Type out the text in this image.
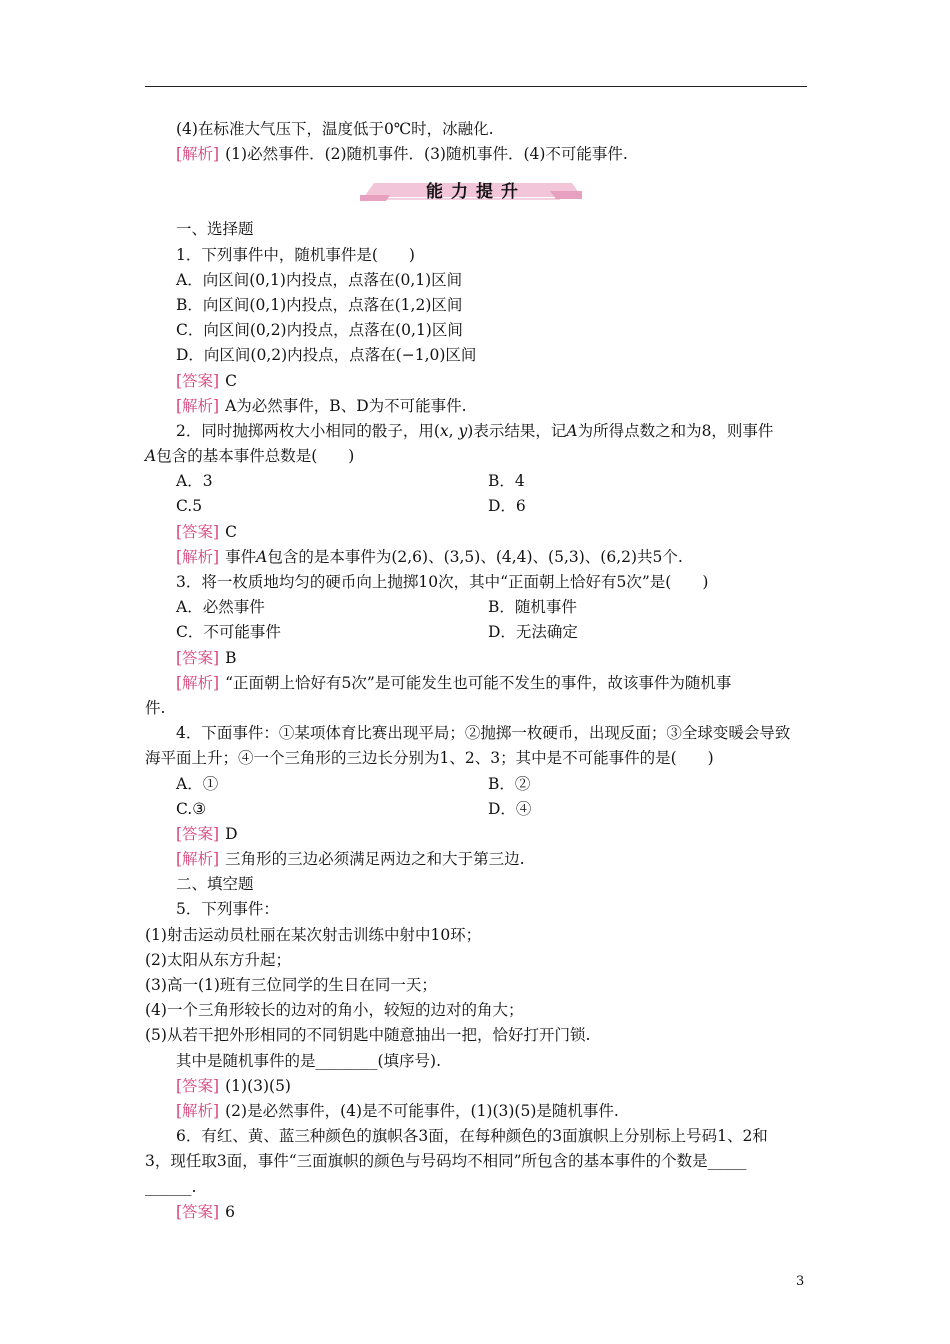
(4)在标准大气压下，温度低于0℃时，冰融化.
[解析] (1)必然事件．(2)随机事件．(3)随机事件．(4)不可能事件.
能力提升
一、选择题
1．下列事件中，随机事件是(　　)
A．向区间(0,1)内投点，点落在(0,1)区间
B．向区间(0,1)内投点，点落在(1,2)区间
C．向区间(0,2)内投点，点落在(0,1)区间
D．向区间(0,2)内投点，点落在(−1,0)区间
[答案] C
[解析] A为必然事件，B、D为不可能事件.
2．同时抛掷两枚大小相同的骰子，用(x, y)表示结果，记A为所得点数之和为8，则事件
A包含的基本事件总数是(　　)
A．3	B．4
C.5	D．6
[答案] C
[解析] 事件A包含的是本事件为(2,6)、(3,5)、(4,4)、(5,3)、(6,2)共5个.
3．将一枚质地均匀的硬币向上抛掷10次，其中“正面朝上恰好有5次”是(　　)
A．必然事件	B．随机事件
C．不可能事件	D．无法确定
[答案] B
[解析] “正面朝上恰好有5次”是可能发生也可能不发生的事件，故该事件为随机事
件.
4．下面事件：①某项体育比赛出现平局；②抛掷一枚硬币，出现反面；③全球变暖会导致
海平面上升；④一个三角形的三边长分别为1、2、3；其中是不可能事件的是(　　)
A．①	B．②
C.③	D．④
[答案] D
[解析] 三角形的三边必须满足两边之和大于第三边.
二、填空题
5．下列事件：
(1)射击运动员杜丽在某次射击训练中射中10环；
(2)太阳从东方升起；
(3)高一(1)班有三位同学的生日在同一天；
(4)一个三角形较长的边对的角小，较短的边对的角大；
(5)从若干把外形相同的不同钥匙中随意抽出一把，恰好打开门锁.
其中是随机事件的是________(填序号).
[答案] (1)(3)(5)
[解析] (2)是必然事件，(4)是不可能事件，(1)(3)(5)是随机事件.
6．有红、黄、蓝三种颜色的旗帜各3面，在每种颜色的3面旗帜上分别标上号码1、2和
3，现任取3面，事件“三面旗帜的颜色与号码均不相同”所包含的基本事件的个数是_____
______.
[答案] 6
3
